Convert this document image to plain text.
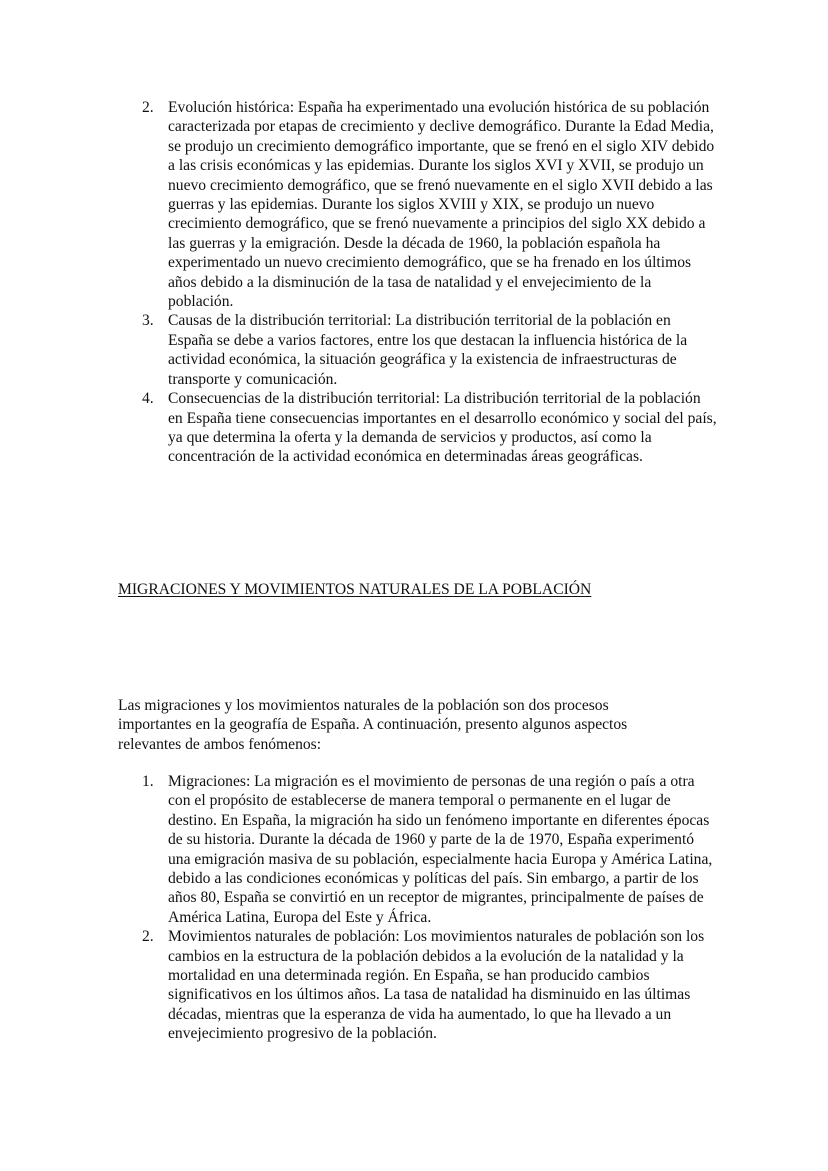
2. Evolución histórica: España ha experimentado una evolución histórica de su población caracterizada por etapas de crecimiento y declive demográfico. Durante la Edad Media, se produjo un crecimiento demográfico importante, que se frenó en el siglo XIV debido a las crisis económicas y las epidemias. Durante los siglos XVI y XVII, se produjo un nuevo crecimiento demográfico, que se frenó nuevamente en el siglo XVII debido a las guerras y las epidemias. Durante los siglos XVIII y XIX, se produjo un nuevo crecimiento demográfico, que se frenó nuevamente a principios del siglo XX debido a las guerras y la emigración. Desde la década de 1960, la población española ha experimentado un nuevo crecimiento demográfico, que se ha frenado en los últimos años debido a la disminución de la tasa de natalidad y el envejecimiento de la población.
3. Causas de la distribución territorial: La distribución territorial de la población en España se debe a varios factores, entre los que destacan la influencia histórica de la actividad económica, la situación geográfica y la existencia de infraestructuras de transporte y comunicación.
4. Consecuencias de la distribución territorial: La distribución territorial de la población en España tiene consecuencias importantes en el desarrollo económico y social del país, ya que determina la oferta y la demanda de servicios y productos, así como la concentración de la actividad económica en determinadas áreas geográficas.
MIGRACIONES Y MOVIMIENTOS NATURALES DE LA POBLACIÓN

Las migraciones y los movimientos naturales de la población son dos procesos importantes en la geografía de España. A continuación, presento algunos aspectos relevantes de ambos fenómenos:

1. Migraciones: La migración es el movimiento de personas de una región o país a otra con el propósito de establecerse de manera temporal o permanente en el lugar de destino. En España, la migración ha sido un fenómeno importante en diferentes épocas de su historia. Durante la década de 1960 y parte de la de 1970, España experimentó una emigración masiva de su población, especialmente hacia Europa y América Latina, debido a las condiciones económicas y políticas del país. Sin embargo, a partir de los años 80, España se convirtió en un receptor de migrantes, principalmente de países de América Latina, Europa del Este y África.
2. Movimientos naturales de población: Los movimientos naturales de población son los cambios en la estructura de la población debidos a la evolución de la natalidad y la mortalidad en una determinada región. En España, se han producido cambios significativos en los últimos años. La tasa de natalidad ha disminuido en las últimas décadas, mientras que la esperanza de vida ha aumentado, lo que ha llevado a un envejecimiento progresivo de la población.
